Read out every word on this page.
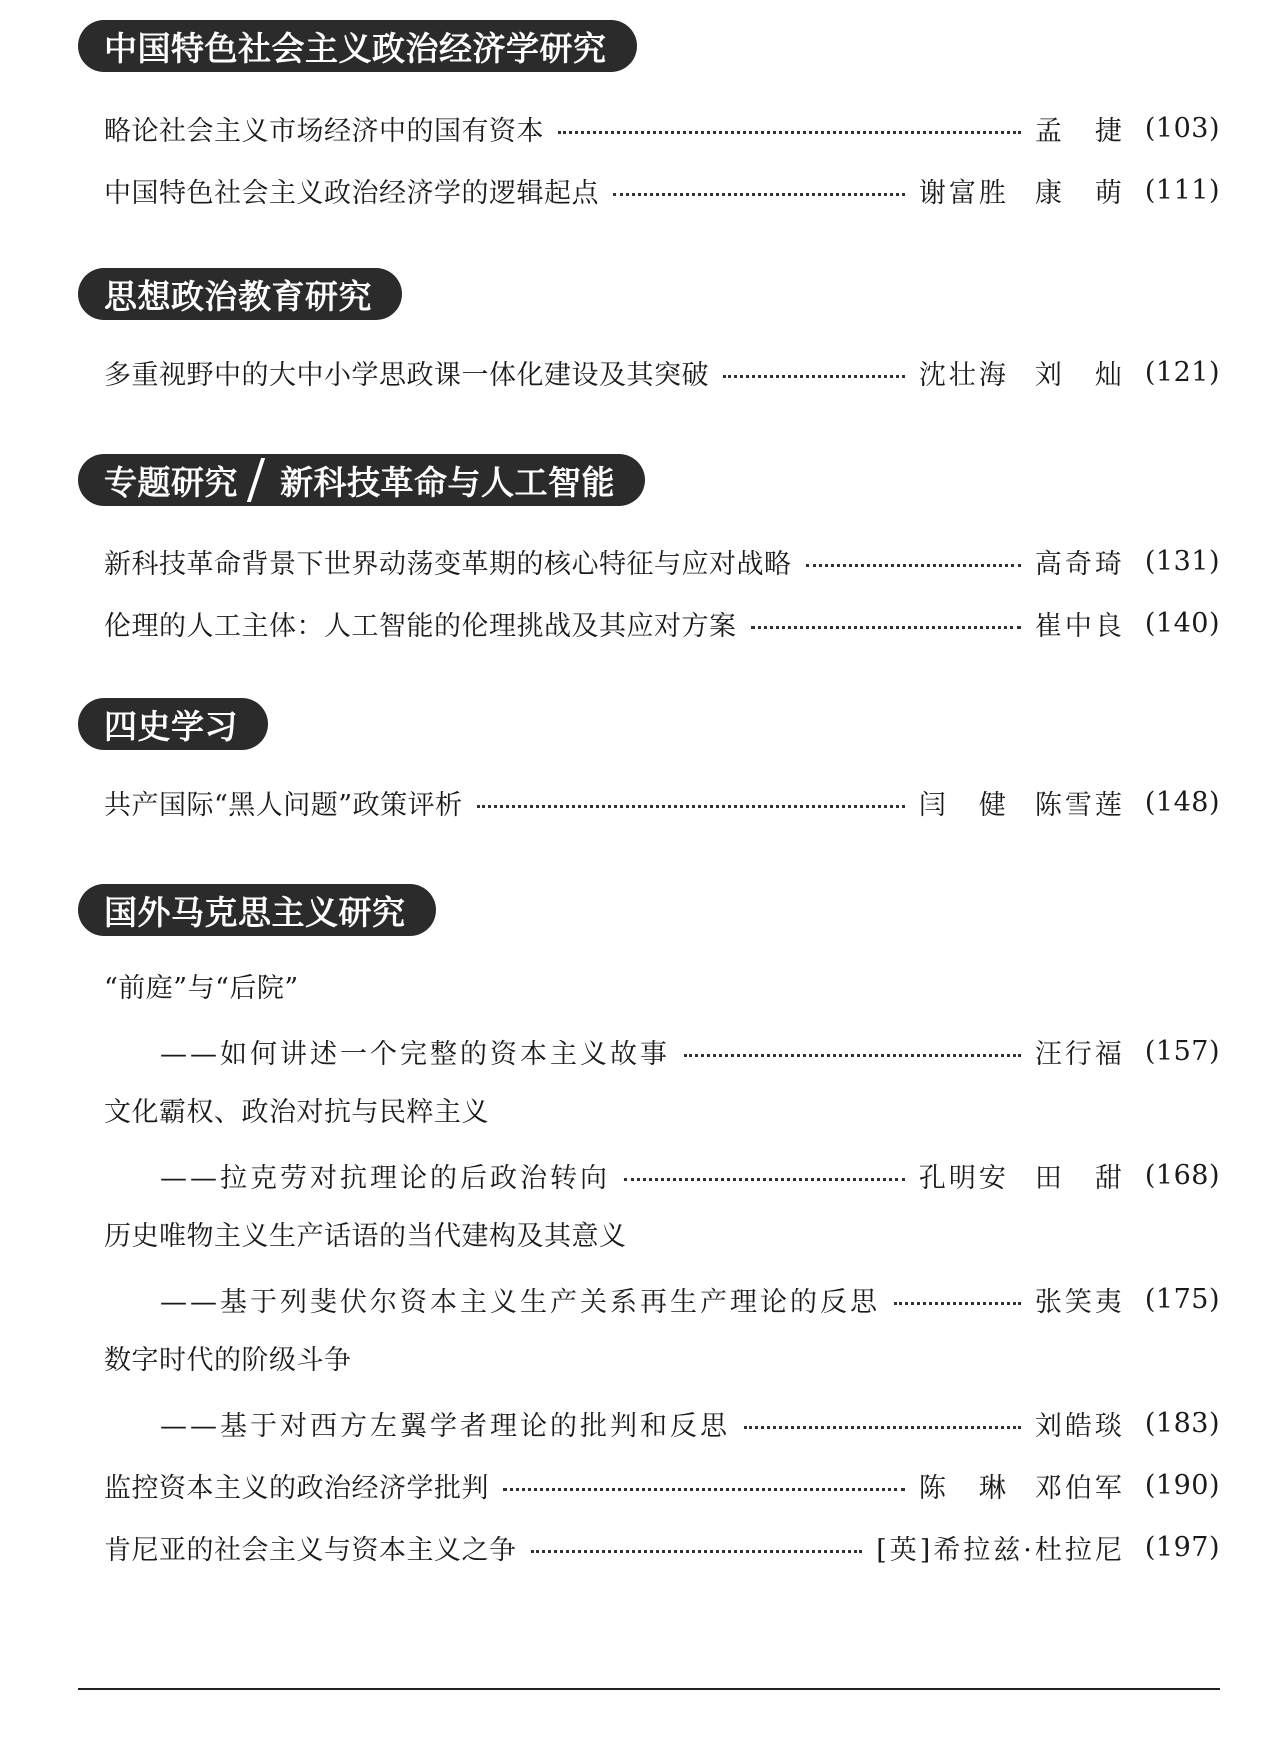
中国特色社会主义政治经济学研究
略论社会主义市场经济中的国有资本	孟　捷 (103)
中国特色社会主义政治经济学的逻辑起点	谢富胜 康　萌 (111)
思想政治教育研究
多重视野中的大中小学思政课一体化建设及其突破	沈壮海 刘　灿 (121)
专题研究 新科技革命与人工智能
新科技革命背景下世界动荡变革期的核心特征与应对战略	高奇琦 (131)
伦理的人工主体：人工智能的伦理挑战及其应对方案	崔中良 (140)
四史学习
共产国际“黑人问题”政策评析	闫　健 陈雪莲 (148)
国外马克思主义研究
“前庭”与“后院”
——如何讲述一个完整的资本主义故事	汪行福 (157)
文化霸权、政治对抗与民粹主义
——拉克劳对抗理论的后政治转向	孔明安 田　甜 (168)
历史唯物主义生产话语的当代建构及其意义
——基于列斐伏尔资本主义生产关系再生产理论的反思	张笑夷 (175)
数字时代的阶级斗争
——基于对西方左翼学者理论的批判和反思	刘皓琰 (183)
监控资本主义的政治经济学批判	陈　琳 邓伯军 (190)
肯尼亚的社会主义与资本主义之争	[英]希拉兹·杜拉尼 (197)
